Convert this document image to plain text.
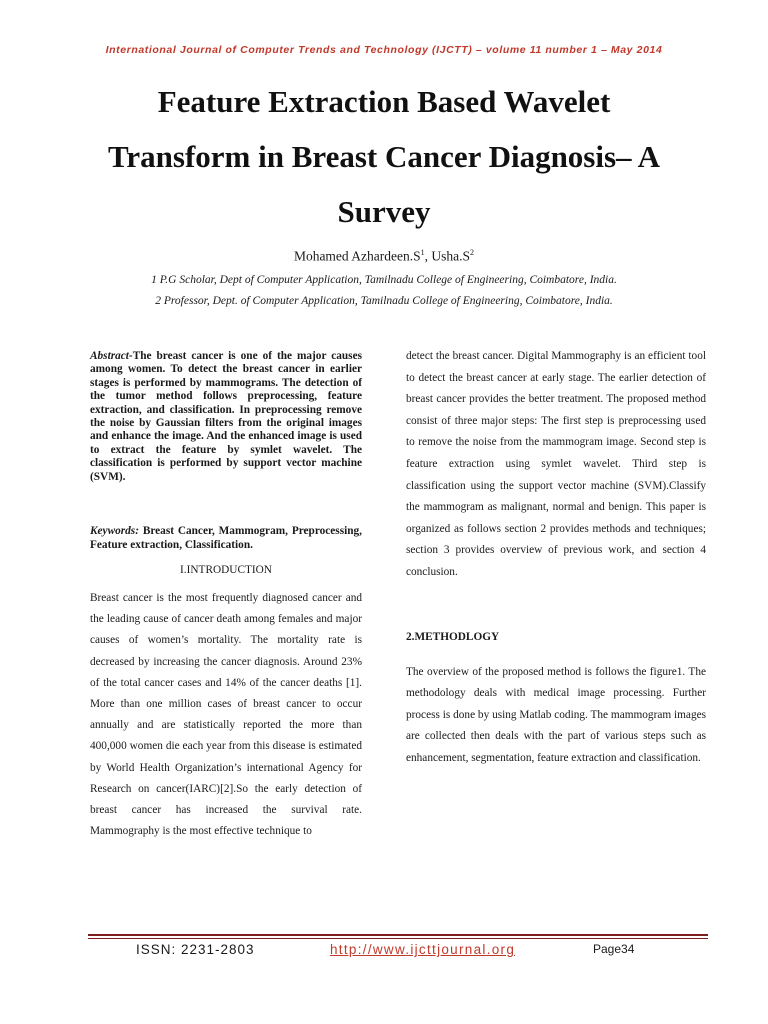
International Journal of Computer Trends and Technology (IJCTT) – volume 11 number 1 – May 2014
Feature Extraction Based Wavelet
Transform in Breast Cancer Diagnosis– A
Survey
Mohamed $Azhardeen.S^1$, $Usha.S^2$
1 P.G Scholar, Dept of Computer Application, Tamilnadu College of Engineering, Coimbatore, India.
2 Professor, Dept. of Computer Application, Tamilnadu College of Engineering, Coimbatore, India.

Abstract-The breast cancer is one of the major causes among women. To detect the breast cancer in earlier stages is performed by mammograms. The detection of the tumor method follows preprocessing, feature extraction, and classification. In preprocessing remove the noise by Gaussian filters from the original images and enhance the image. And the enhanced image is used to extract the feature by symlet wavelet. The classification is performed by support vector machine (SVM).

Keywords: Breast Cancer, Mammogram, Preprocessing, Feature extraction, Classification.

I.INTRODUCTION

Breast cancer is the most frequently diagnosed cancer and the leading cause of cancer death among females and major causes of women’s mortality. The mortality rate is decreased by increasing the cancer diagnosis. Around 23% of the total cancer cases and 14% of the cancer deaths [1]. More than one million cases of breast cancer to occur annually and are statistically reported the more than 400,000 women die each year from this disease is estimated by World Health Organization’s international Agency for Research on cancer(IARC)[2].So the early detection of breast cancer has increased the survival rate. Mammography is the most effective technique to

detect the breast cancer. Digital Mammography is an efficient tool to detect the breast cancer at early stage. The earlier detection of breast cancer provides the better treatment. The proposed method consist of three major steps: The first step is preprocessing used to remove the noise from the mammogram image. Second step is feature extraction using symlet wavelet. Third step is classification using the support vector machine (SVM).Classify the mammogram as malignant, normal and benign. This paper is organized as follows section 2 provides methods and techniques; section 3 provides overview of previous work, and section 4 conclusion.

2.METHODLOGY

The overview of the proposed method is follows the figure1. The methodology deals with medical image processing. Further process is done by using Matlab coding. The mammogram images are collected then deals with the part of various steps such as enhancement, segmentation, feature extraction and classification.

ISSN: 2231-2803	http://www.ijcttjournal.org	Page34
